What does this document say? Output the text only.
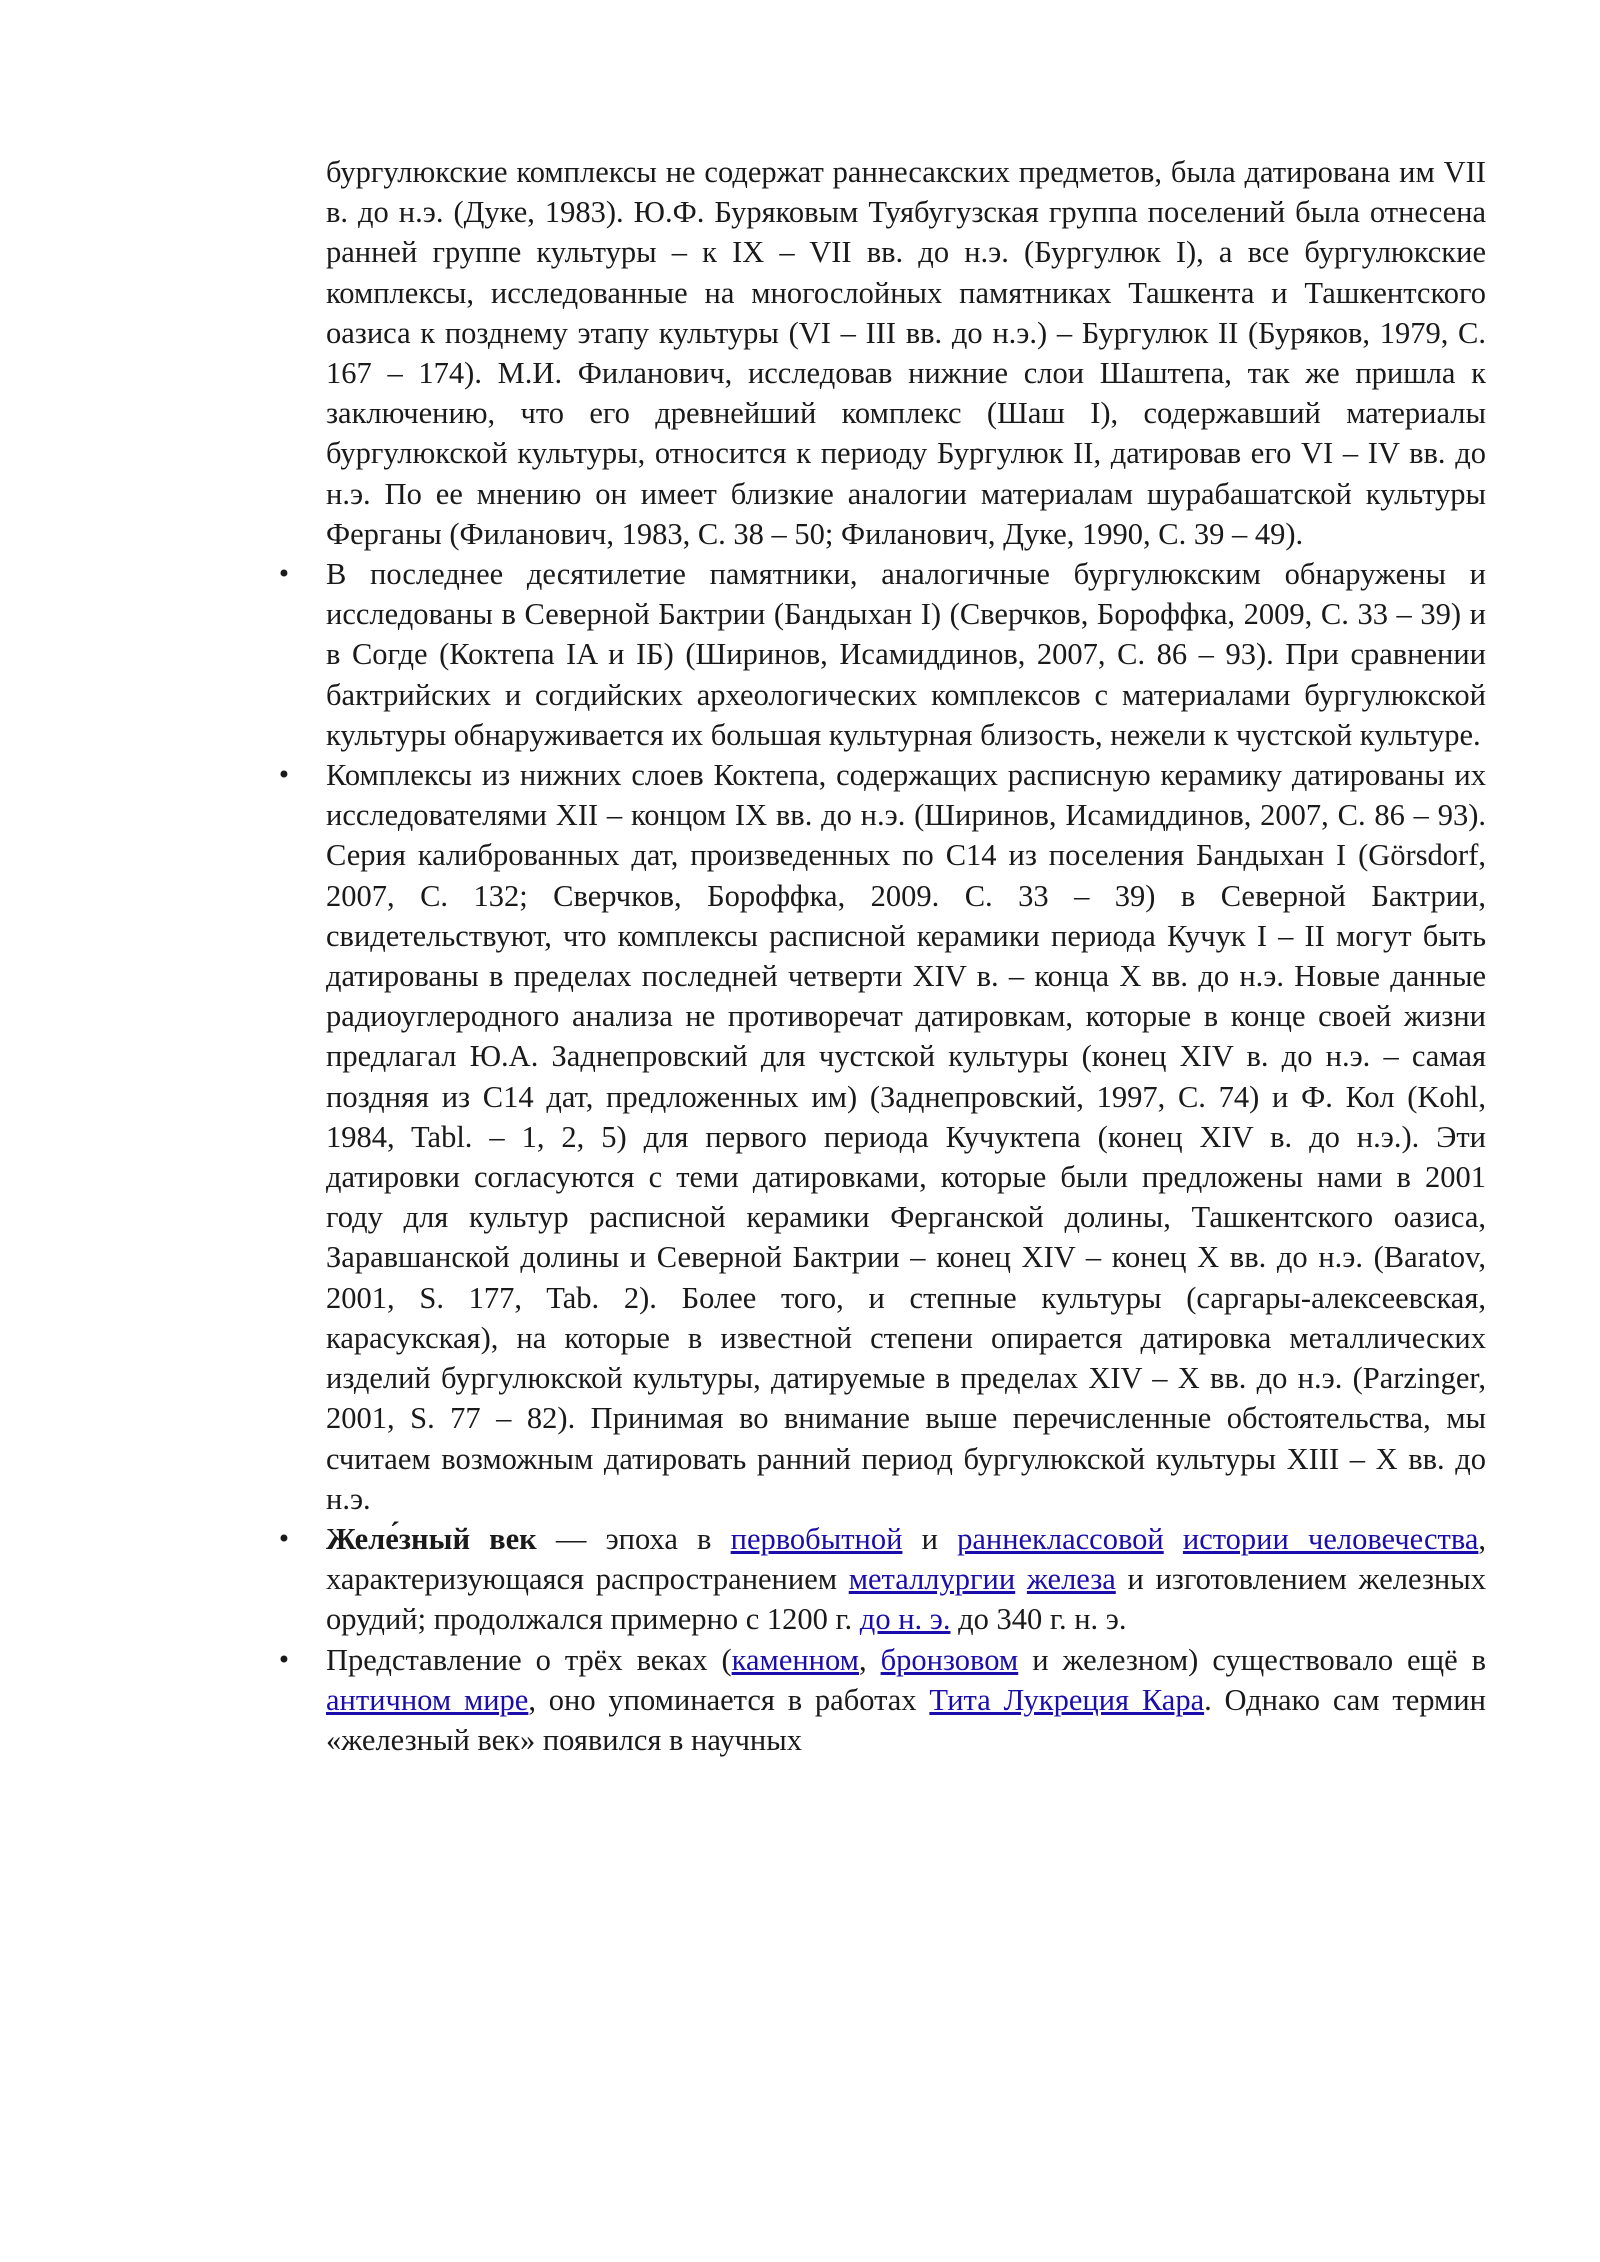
бургулюкские комплексы не содержат раннесакских предметов, была датирована им VII в. до н.э. (Дуке, 1983). Ю.Ф. Буряковым Туябугузская группа поселений была отнесена ранней группе культуры – к IX – VII вв. до н.э. (Бургулюк I), а все бургулюкские комплексы, исследованные на многослойных памятниках Ташкента и Ташкентского оазиса к позднему этапу культуры (VI – III вв. до н.э.) – Бургулюк II (Буряков, 1979, С. 167 – 174). М.И. Филанович, исследовав нижние слои Шаштепа, так же пришла к заключению, что его древнейший комплекс (Шаш I), содержавший материалы бургулюкской культуры, относится к периоду Бургулюк II, датировав его VI – IV вв. до н.э. По ее мнению он имеет близкие аналогии материалам шурабашатской культуры Ферганы (Филанович, 1983, С. 38 – 50; Филанович, Дуке, 1990, С. 39 – 49).

• В последнее десятилетие памятники, аналогичные бургулюкским обнаружены и исследованы в Северной Бактрии (Бандыхан I) (Сверчков, Бороффка, 2009, С. 33 – 39) и в Согде (Коктепа IA и IБ) (Ширинов, Исамиддинов, 2007, С. 86 – 93). При сравнении бактрийских и согдийских археологических комплексов с материалами бургулюкской культуры обнаруживается их большая культурная близость, нежели к чустской культуре.
• Комплексы из нижних слоев Коктепа, содержащих расписную керамику датированы их исследователями XII – концом IX вв. до н.э. (Ширинов, Исамиддинов, 2007, С. 86 – 93). Серия калиброванных дат, произведенных по С14 из поселения Бандыхан I (Görsdorf, 2007, C. 132; Сверчков, Бороффка, 2009. С. 33 – 39) в Северной Бактрии, свидетельствуют, что комплексы расписной керамики периода Кучук I – II могут быть датированы в пределах последней четверти XIV в. – конца X вв. до н.э. Новые данные радиоуглеродного анализа не противоречат датировкам, которые в конце своей жизни предлагал Ю.А. Заднепровский для чустской культуры (конец XIV в. до н.э. – самая поздняя из С14 дат, предложенных им) (Заднепровский, 1997, С. 74) и Ф. Кол (Kohl, 1984, Tabl. – 1, 2, 5) для первого периода Кучуктепа (конец XIV в. до н.э.). Эти датировки согласуются с теми датировками, которые были предложены нами в 2001 году для культур расписной керамики Ферганской долины, Ташкентского оазиса, Заравшанской долины и Северной Бактрии – конец XIV – конец X вв. до н.э. (Baratov, 2001, S. 177, Tab. 2). Более того, и степные культуры (саргары-алексеевская, карасукская), на которые в известной степени опирается датировка металлических изделий бургулюкской культуры, датируемые в пределах XIV – X вв. до н.э. (Parzinger, 2001, S. 77 – 82). Принимая во внимание выше перечисленные обстоятельства, мы считаем возможным датировать ранний период бургулюкской культуры XIII – X вв. до н.э.
• Желе́зный век — эпоха в первобытной и раннеклассовой истории человечества, характеризующаяся распространением металлургии железа и изготовлением железных орудий; продолжался примерно с 1200 г. до н. э. до 340 г. н. э.
• Представление о трёх веках (каменном, бронзовом и железном) существовало ещё в античном мире, оно упоминается в работах Тита Лукреция Кара. Однако сам термин «железный век» появился в научных
